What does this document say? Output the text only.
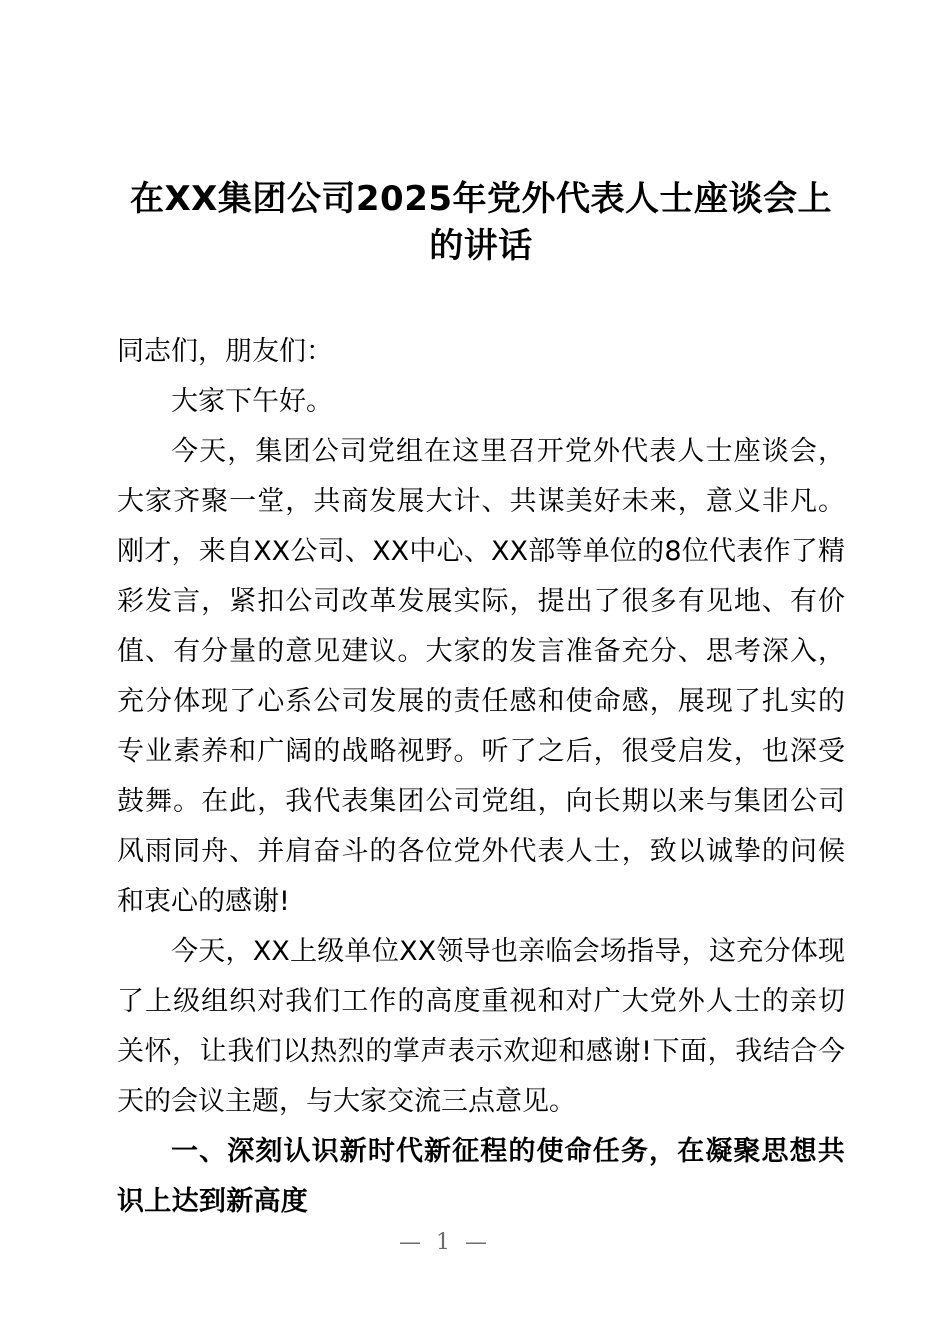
在XX集团公司2025年党外代表人士座谈会上的讲话

同志们，朋友们：

大家下午好。

今天，集团公司党组在这里召开党外代表人士座谈会，大家齐聚一堂，共商发展大计、共谋美好未来，意义非凡。刚才，来自XX公司、XX中心、XX部等单位的8位代表作了精彩发言，紧扣公司改革发展实际，提出了很多有见地、有价值、有分量的意见建议。大家的发言准备充分、思考深入，充分体现了心系公司发展的责任感和使命感，展现了扎实的专业素养和广阔的战略视野。听了之后，很受启发，也深受鼓舞。在此，我代表集团公司党组，向长期以来与集团公司风雨同舟、并肩奋斗的各位党外代表人士，致以诚挚的问候和衷心的感谢!

今天，XX上级单位XX领导也亲临会场指导，这充分体现了上级组织对我们工作的高度重视和对广大党外人士的亲切关怀，让我们以热烈的掌声表示欢迎和感谢!下面，我结合今天的会议主题，与大家交流三点意见。

一、深刻认识新时代新征程的使命任务，在凝聚思想共识上达到新高度

— 1 —
